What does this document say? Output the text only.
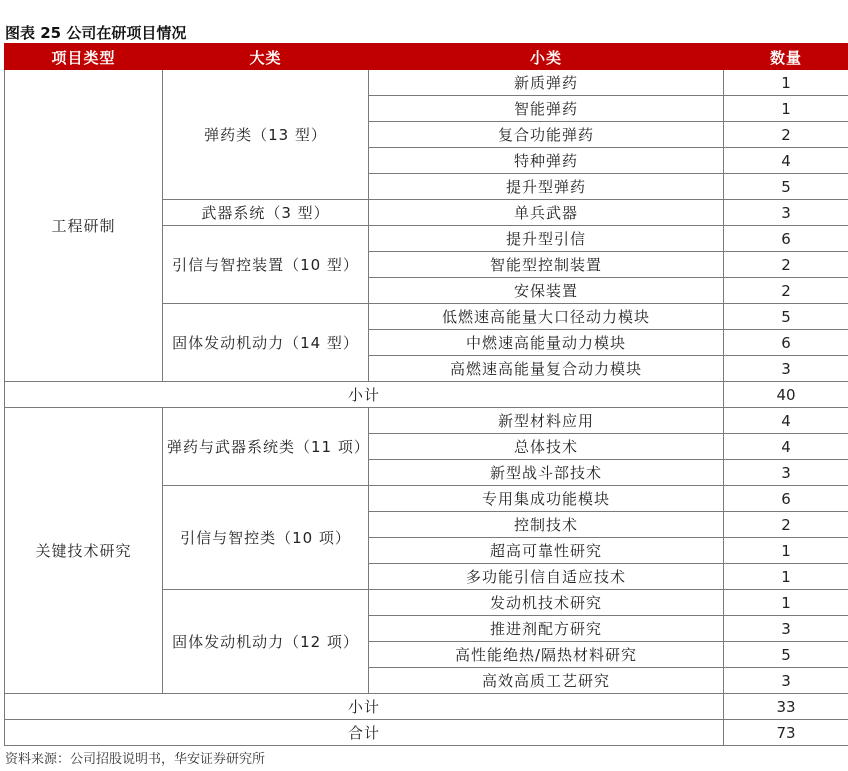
图表 25 公司在研项目情况
项目类型	大类	小类	数量
工程研制	弹药类（13 型）	新质弹药	1
		智能弹药	1
		复合功能弹药	2
		特种弹药	4
		提升型弹药	5
	武器系统（3 型）	单兵武器	3
	引信与智控装置（10 型）	提升型引信	6
		智能型控制装置	2
		安保装置	2
	固体发动机动力（14 型）	低燃速高能量大口径动力模块	5
		中燃速高能量动力模块	6
		高燃速高能量复合动力模块	3
小计			40
关键技术研究	弹药与武器系统类（11 项）	新型材料应用	4
		总体技术	4
		新型战斗部技术	3
	引信与智控类（10 项）	专用集成功能模块	6
		控制技术	2
		超高可靠性研究	1
		多功能引信自适应技术	1
	固体发动机动力（12 项）	发动机技术研究	1
		推进剂配方研究	3
		高性能绝热/隔热材料研究	5
		高效高质工艺研究	3
小计			33
合计			73
资料来源：公司招股说明书，华安证券研究所
